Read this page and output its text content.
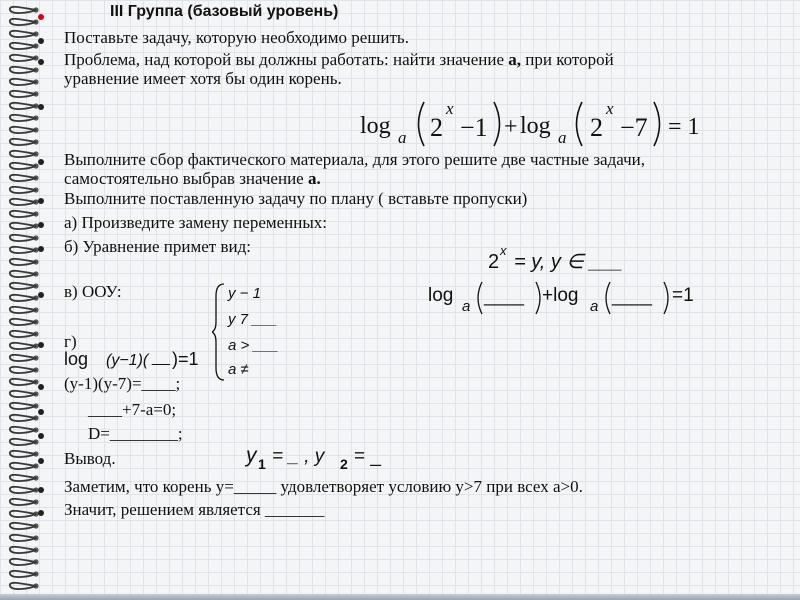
III Группа (базовый уровень)
Поставьте задачу, которую необходимо решить.
Проблема, над которой вы должны работать: найти значение а, при которой
уравнение имеет хотя бы один корень.
log a 2
x
−1 + log a 2
x
−7 = 1
Выполните сбор фактического материала, для этого решите две частные задачи,
самостоятельно выбрав значение а.
Выполните поставленную задачу по плану ( вставьте пропуски)
а) Произведите замену переменных:
б) Уравнение примет вид:
2
x
= y, y ∈ ___
в) ООУ:	y − 1
y 7 ___
a > ___
a ≠
log
a
____ +log
a
____ =1
г)
log (y−1)( __ )=1
(у-1)(у-7)=____;
____+7-а=0;
D=________;
Вывод.	y 1 = _ , y 2 = _
Заметим, что корень у=_____ удовлетворяет условию у>7 при всех а>0.
Значит, решением является _______
